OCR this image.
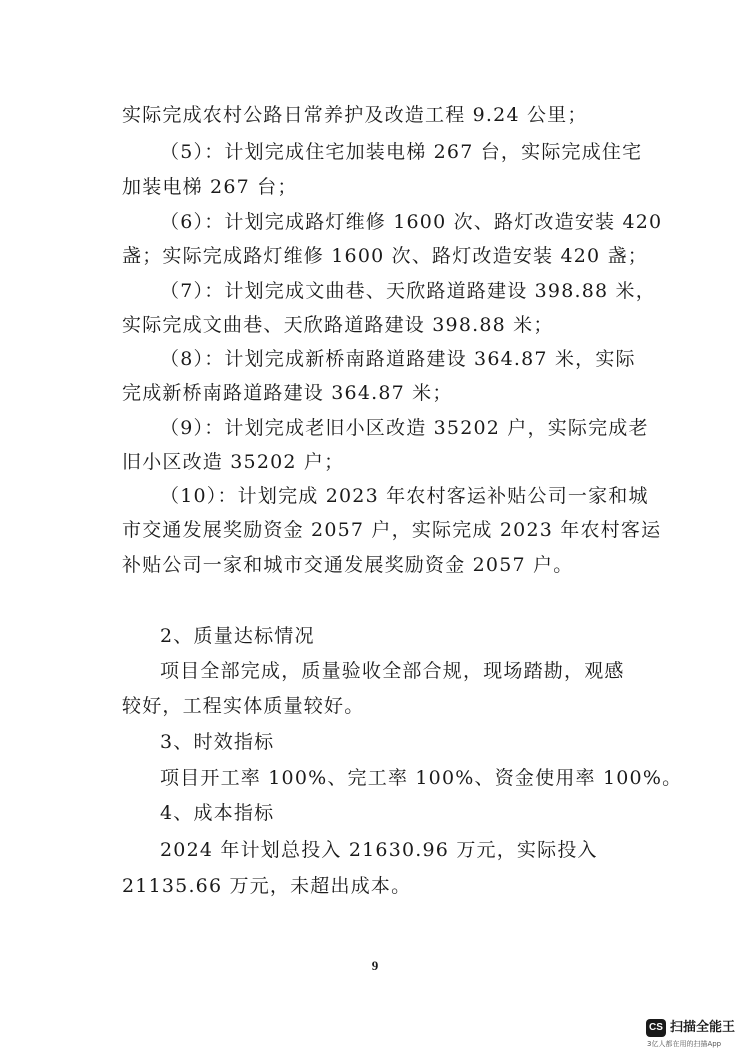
实际完成农村公路日常养护及改造工程 9.24 公里；
（5）：计划完成住宅加装电梯 267 台，实际完成住宅
加装电梯 267 台；
（6）：计划完成路灯维修 1600 次、路灯改造安装 420
盏；实际完成路灯维修 1600 次、路灯改造安装 420 盏；
（7）：计划完成文曲巷、天欣路道路建设 398.88 米，
实际完成文曲巷、天欣路道路建设 398.88 米；
（8）：计划完成新桥南路道路建设 364.87 米，实际
完成新桥南路道路建设 364.87 米；
（9）：计划完成老旧小区改造 35202 户，实际完成老
旧小区改造 35202 户；
（10）：计划完成 2023 年农村客运补贴公司一家和城
市交通发展奖励资金 2057 户，实际完成 2023 年农村客运
补贴公司一家和城市交通发展奖励资金 2057 户。
2、质量达标情况
项目全部完成，质量验收全部合规，现场踏勘，观感
较好，工程实体质量较好。
3、时效指标
项目开工率 100%、完工率 100%、资金使用率 100%。
4、成本指标
2024 年计划总投入 21630.96 万元，实际投入
21135.66 万元，未超出成本。
9
CS 扫描全能王
3亿人都在用的扫描App
